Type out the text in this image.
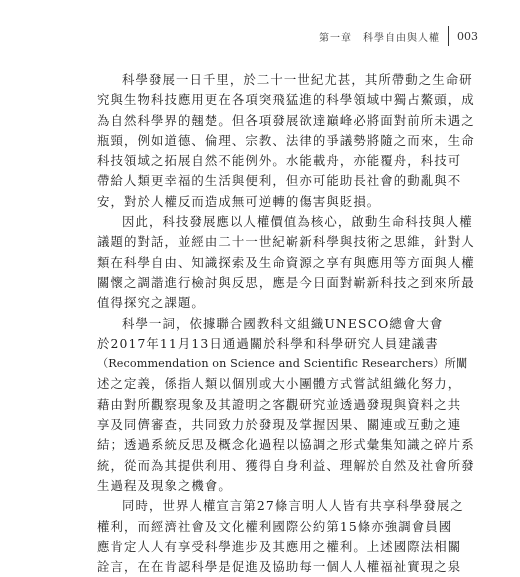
第一章　科學自由與人權 003

科學發展一日千里，於二十一世紀尤甚，其所帶動之生命研

究與生物科技應用更在各項突飛猛進的科學領域中獨占鰲頭，成

為自然科學界的翹楚。但各項發展欲達巔峰必將面對前所未遇之

瓶頸，例如道德、倫理、宗教、法律的爭議勢將隨之而來，生命

科技領域之拓展自然不能例外。水能載舟，亦能覆舟，科技可

帶給人類更幸福的生活與便利，但亦可能助長社會的動亂與不

安，對於人權反而造成無可逆轉的傷害與貶損。

因此，科技發展應以人權價值為核心，啟動生命科技與人權

議題的對話，並經由二十一世紀嶄新科學與技術之思維，針對人

類在科學自由、知識探索及生命資源之享有與應用等方面與人權

關懷之調諧進行檢討與反思，應是今日面對嶄新科技之到來所最

值得探究之課題。

科學一詞，依據聯合國教科文組織UNESCO總會大會

於2017年11月13日通過關於科學和科學研究人員建議書

（Recommendation on Science and Scientific Researchers）所闡

述之定義，係指人類以個別或大小團體方式嘗試組織化努力，

藉由對所觀察現象及其證明之客觀研究並透過發現與資料之共

享及同儕審查，共同致力於發現及掌握因果、關連或互動之連

結；透過系統反思及概念化過程以協調之形式彙集知識之碎片系

統，從而為其提供利用、獲得自身利益、理解於自然及社會所發

生過程及現象之機會。

同時，世界人權宣言第27條言明人人皆有共享科學發展之

權利，而經濟社會及文化權利國際公約第15條亦強調會員國

應肯定人人有享受科學進步及其應用之權利。上述國際法相關

詮言，在在肯認科學是促進及協助每一個人人權福祉實現之泉
